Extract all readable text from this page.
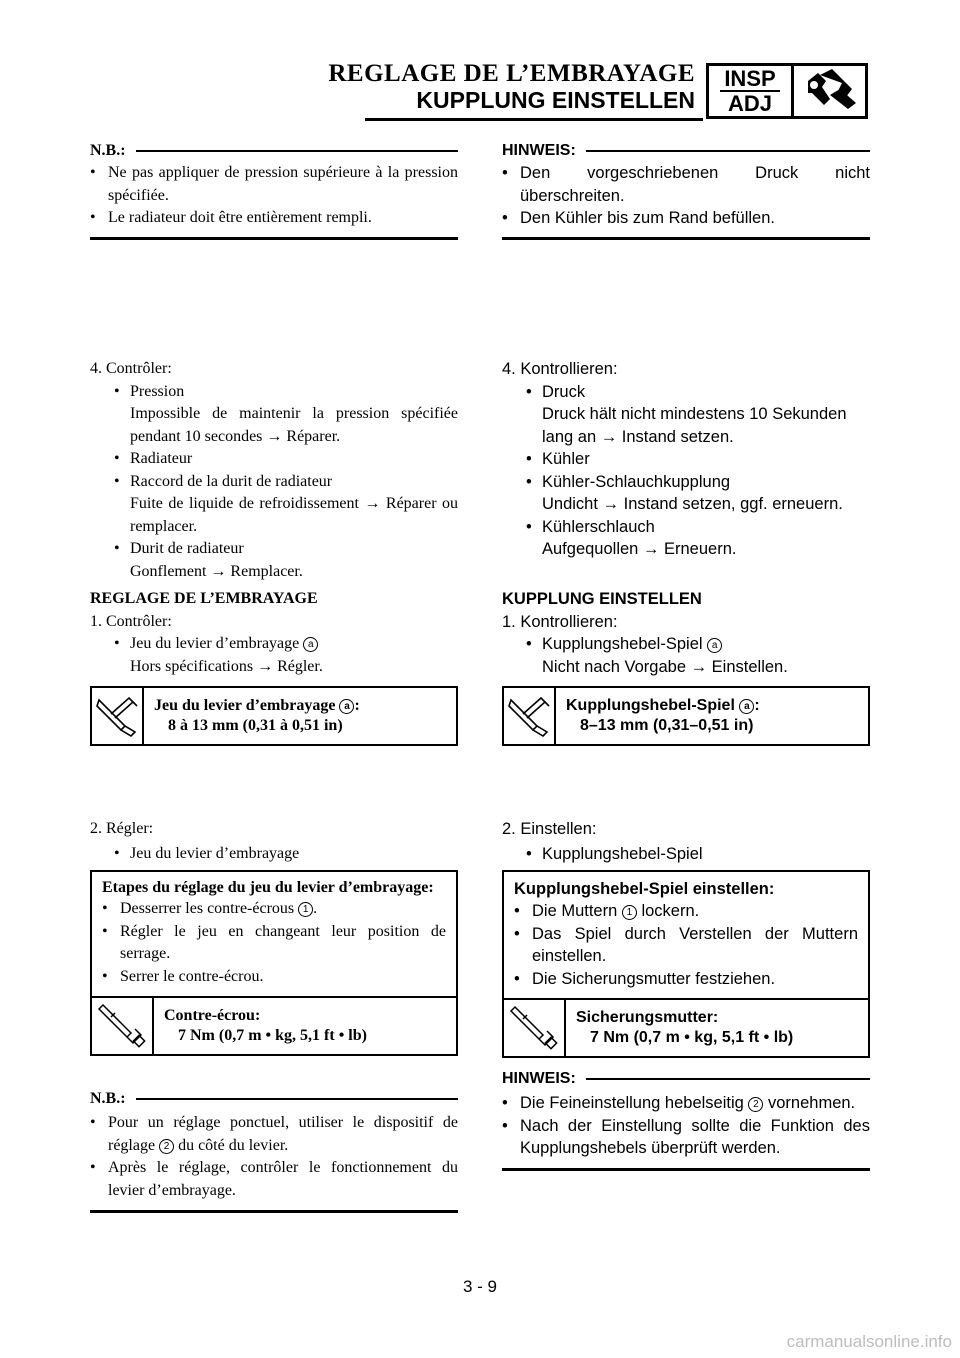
REGLAGE DE L’EMBRAYAGE
KUPPLUNG EINSTELLEN
INSP
ADJ
N.B.:
• Ne pas appliquer de pression supérieure à la pression spécifiée.
• Le radiateur doit être entièrement rempli.
4. Contrôler:
• Pression
Impossible de maintenir la pression spécifiée pendant 10 secondes → Réparer.
• Radiateur
• Raccord de la durit de radiateur
Fuite de liquide de refroidissement → Réparer ou remplacer.
• Durit de radiateur
Gonflement → Remplacer.
REGLAGE DE L’EMBRAYAGE
1. Contrôler:
• Jeu du levier d’embrayage a
Hors spécifications → Régler.
Jeu du levier d’embrayage a :
8 à 13 mm (0,31 à 0,51 in)
2. Régler:
• Jeu du levier d’embrayage
Etapes du réglage du jeu du levier d’embrayage:
• Desserrer les contre-écrous 1 .
• Régler le jeu en changeant leur position de serrage.
• Serrer le contre-écrou.
Contre-écrou:
7 Nm (0,7 m • kg, 5,1 ft • lb)
N.B.:
• Pour un réglage ponctuel, utiliser le dispositif de réglage 2 du côté du levier.
• Après le réglage, contrôler le fonctionnement du levier d’embrayage.
HINWEIS:
• Den vorgeschriebenen Druck nicht überschreiten.
• Den Kühler bis zum Rand befüllen.
4. Kontrollieren:
• Druck
Druck hält nicht mindestens 10 Sekunden lang an → Instand setzen.
• Kühler
• Kühler-Schlauchkupplung
Undicht → Instand setzen, ggf. erneuern.
• Kühlerschlauch
Aufgequollen → Erneuern.
KUPPLUNG EINSTELLEN
1. Kontrollieren:
• Kupplungshebel-Spiel a
Nicht nach Vorgabe → Einstellen.
Kupplungshebel-Spiel a :
8–13 mm (0,31–0,51 in)
2. Einstellen:
• Kupplungshebel-Spiel
Kupplungshebel-Spiel einstellen:
• Die Muttern 1 lockern.
• Das Spiel durch Verstellen der Muttern einstellen.
• Die Sicherungsmutter festziehen.
Sicherungsmutter:
7 Nm (0,7 m • kg, 5,1 ft • lb)
HINWEIS:
• Die Feineinstellung hebelseitig 2 vornehmen.
• Nach der Einstellung sollte die Funktion des Kupplungshebels überprüft werden.
3 - 9
carmanualsonline.info
